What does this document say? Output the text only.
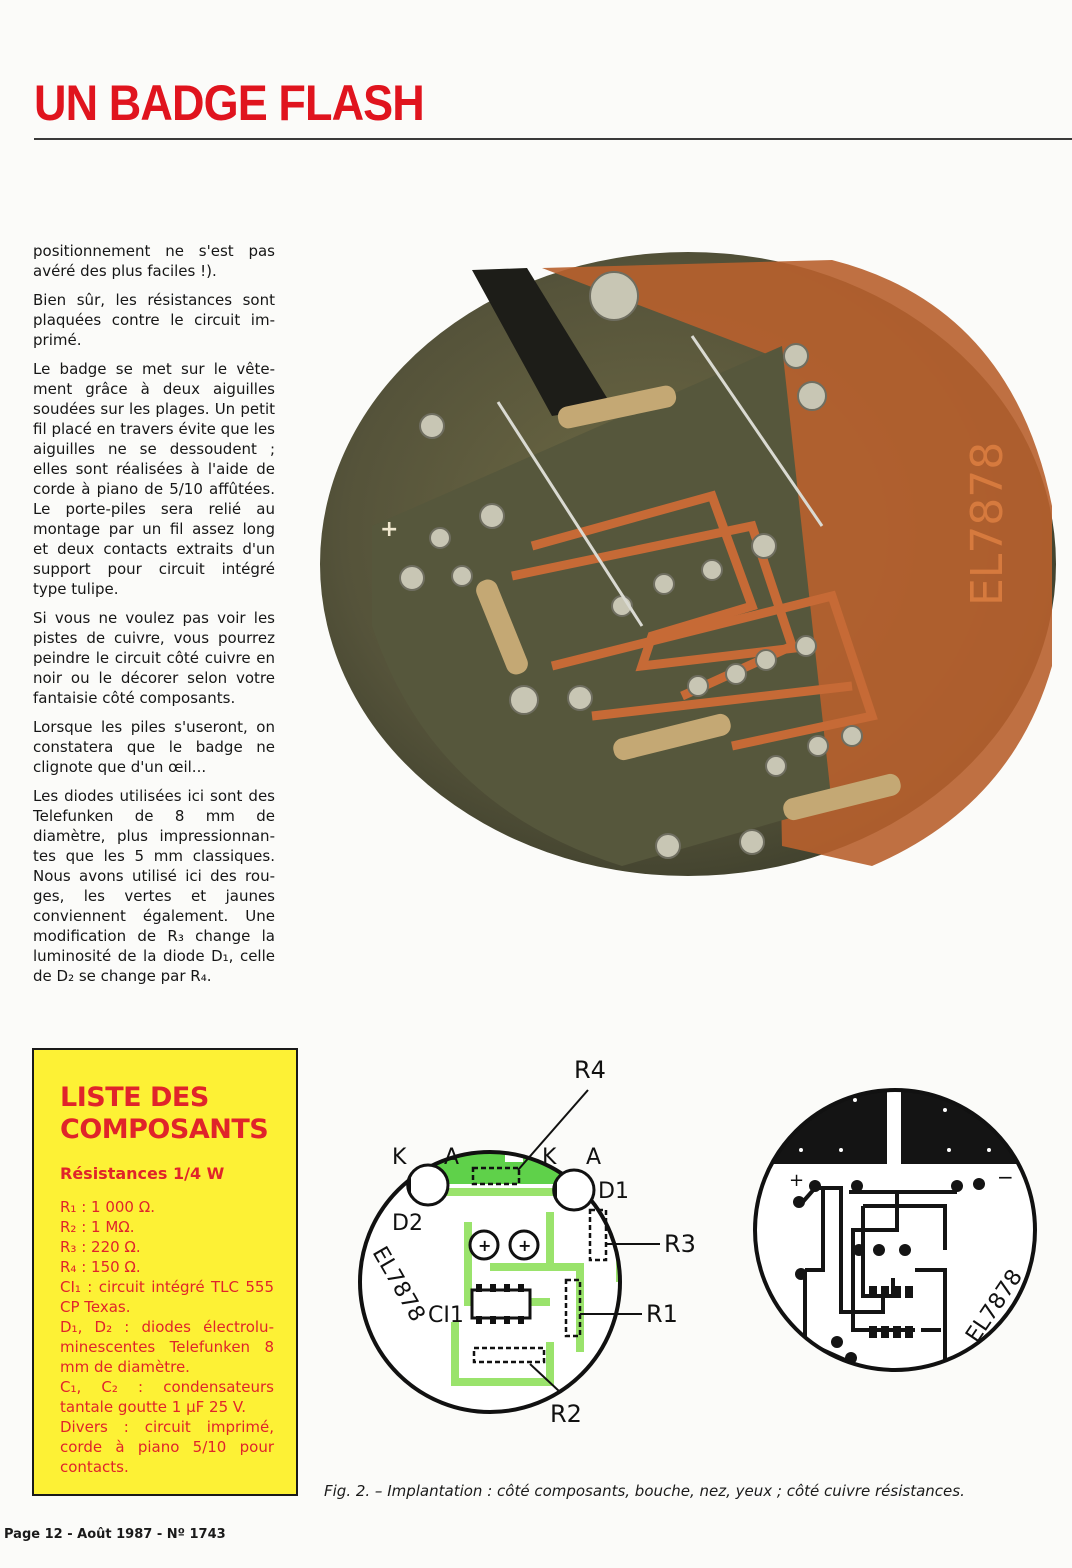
UN BADGE FLASH

positionnement ne s'est pas avéré des plus faciles !).

Bien sûr, les résistances sont plaquées contre le circuit imprimé.

Le badge se met sur le vêtement grâce à deux aiguilles soudées sur les plages. Un petit fil placé en travers évite que les aiguilles ne se dessoudent ; elles sont réalisées à l'aide de corde à piano de 5/10 affûtées. Le porte-piles sera relié au montage par un fil assez long et deux contacts extraits d'un support pour circuit intégré type tulipe.

Si vous ne voulez pas voir les pistes de cuivre, vous pourrez peindre le circuit côté cuivre en noir ou le décorer selon votre fantaisie côté composants.

Lorsque les piles s'useront, on constatera que le badge ne clignote que d'un œil...

Les diodes utilisées ici sont des Telefunken de 8 mm de diamètre, plus impressionnantes que les 5 mm classiques. Nous avons utilisé ici des rouges, les vertes et jaunes conviennent également. Une modification de R₃ change la luminosité de la diode D₁, celle de D₂ se change par R₄.

EL7878
+
LISTE DES COMPOSANTS
Résistances 1/4 W
R₁ : 1 000 Ω.
R₂ : 1 MΩ.
R₃ : 220 Ω.
R₄ : 150 Ω.
CI₁ : circuit intégré TLC 555 CP Texas.
D₁, D₂ : diodes électroluminescentes Telefunken 8 mm de diamètre.
C₁, C₂ : condensateurs tantale goutte 1 µF 25 V.
Divers : circuit imprimé, corde à piano 5/10 pour contacts.
+ +
R4
R3
R1
R2
K A	K A
D1
D2
CI1
EL7878
+	−
EL7878
Fig. 2. – Implantation : côté composants, bouche, nez, yeux ; côté cuivre résistances.
Page 12 - Août 1987 - Nº 1743
